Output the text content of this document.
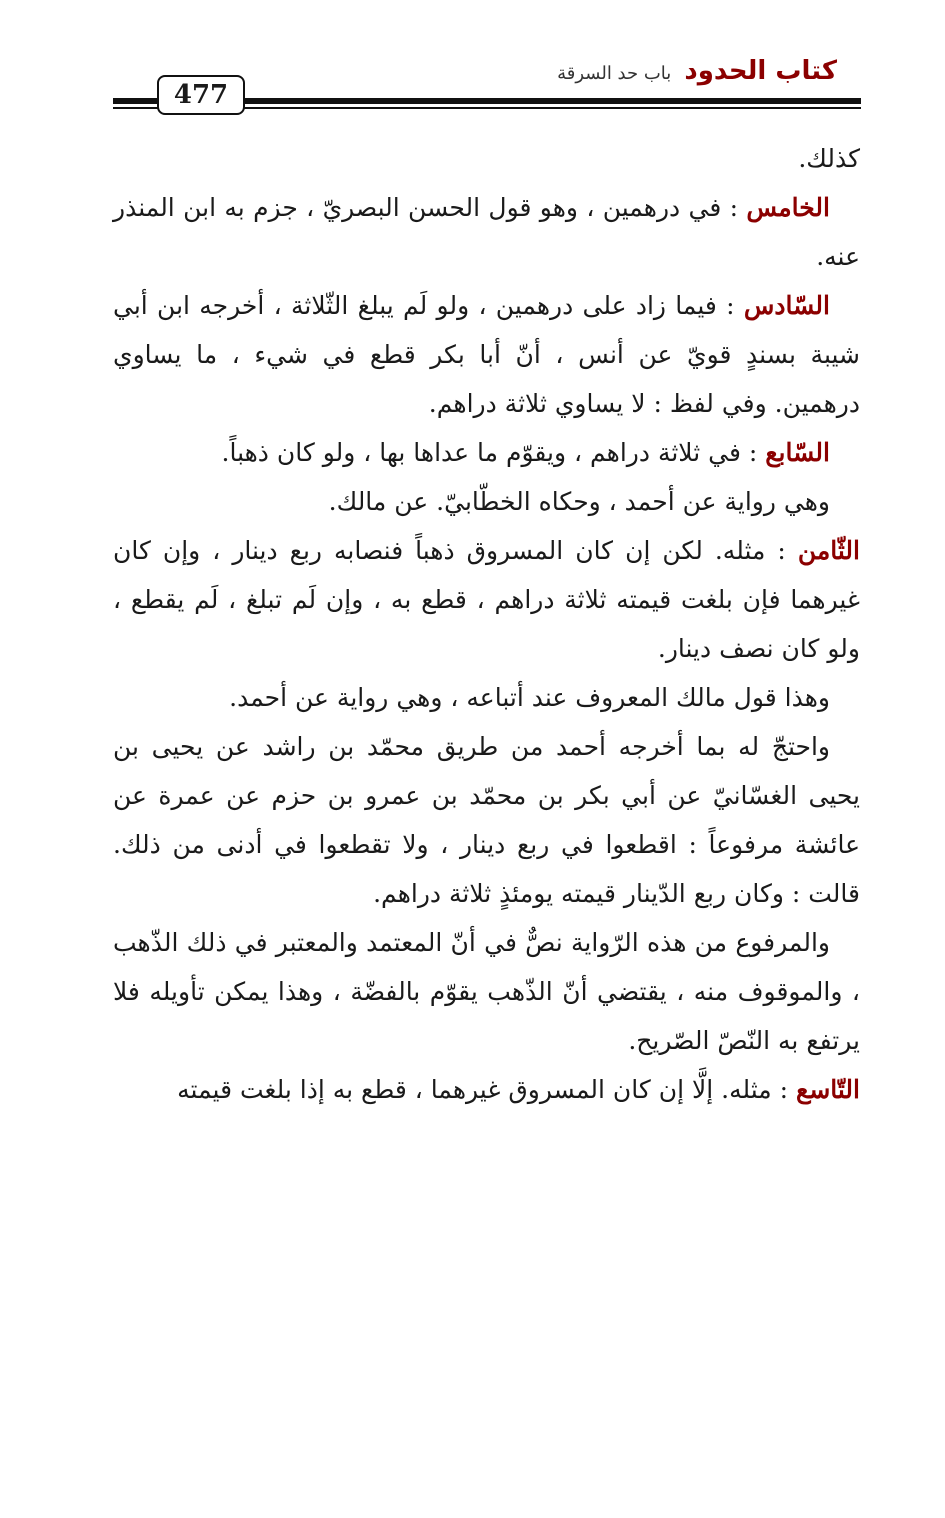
كتاب الحدود باب حد السرقة
477

كذلك.

الخامس : في درهمين ، وهو قول الحسن البصريّ ، جزم به ابن المنذر عنه.

السّادس : فيما زاد على درهمين ، ولو لَم يبلغ الثّلاثة ، أخرجه ابن أبي شيبة بسندٍ قويّ عن أنس ، أنّ أبا بكر قطع في شيء ، ما يساوي درهمين. وفي لفظ : لا يساوي ثلاثة دراهم.

السّابع : في ثلاثة دراهم ، ويقوّم ما عداها بها ، ولو كان ذهباً.

وهي رواية عن أحمد ، وحكاه الخطّابيّ. عن مالك.

الثّامن : مثله. لكن إن كان المسروق ذهباً فنصابه ربع دينار ، وإن كان غيرهما فإن بلغت قيمته ثلاثة دراهم ، قطع به ، وإن لَم تبلغ ، لَم يقطع ، ولو كان نصف دينار.

وهذا قول مالك المعروف عند أتباعه ، وهي رواية عن أحمد.

واحتجّ له بما أخرجه أحمد من طريق محمّد بن راشد عن يحيى بن يحيى الغسّانيّ عن أبي بكر بن محمّد بن عمرو بن حزم عن عمرة عن عائشة مرفوعاً : اقطعوا في ربع دينار ، ولا تقطعوا في أدنى من ذلك. قالت : وكان ربع الدّينار قيمته يومئذٍ ثلاثة دراهم.

والمرفوع من هذه الرّواية نصٌّ في أنّ المعتمد والمعتبر في ذلك الذّهب ، والموقوف منه ، يقتضي أنّ الذّهب يقوّم بالفضّة ، وهذا يمكن تأويله فلا يرتفع به النّصّ الصّريح.

التّاسع : مثله. إلَّا إن كان المسروق غيرهما ، قطع به إذا بلغت قيمته
